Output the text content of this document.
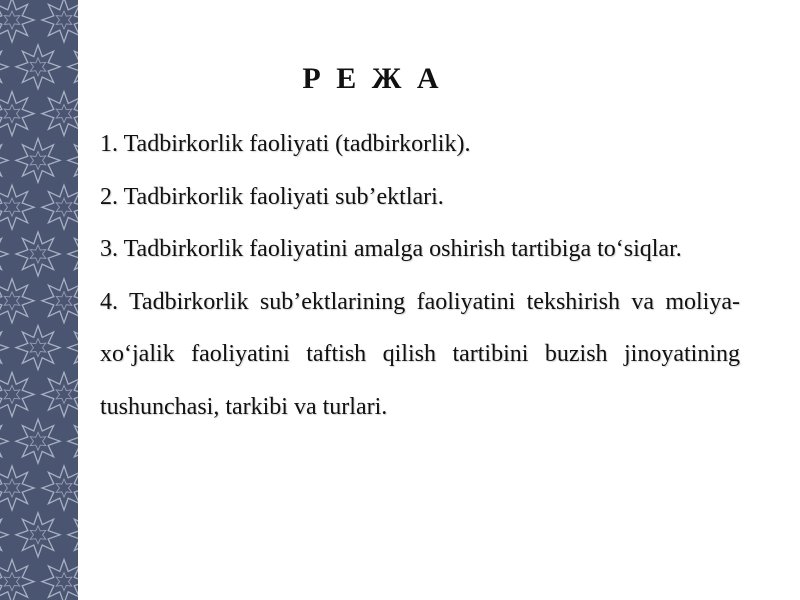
Р Е Ж А
1. Tadbirkorlik faoliyati (tadbirkorlik).
2. Tadbirkorlik faoliyati sub’ektlari.
3. Tadbirkorlik faoliyatini amalga oshirish tartibiga to‘siqlar.
4. Tadbirkorlik sub’ektlarining faoliyatini tekshirish va moliya-xo‘jalik faoliyatini taftish qilish tartibini buzish jinoyatining tushunchasi, tarkibi va turlari.
